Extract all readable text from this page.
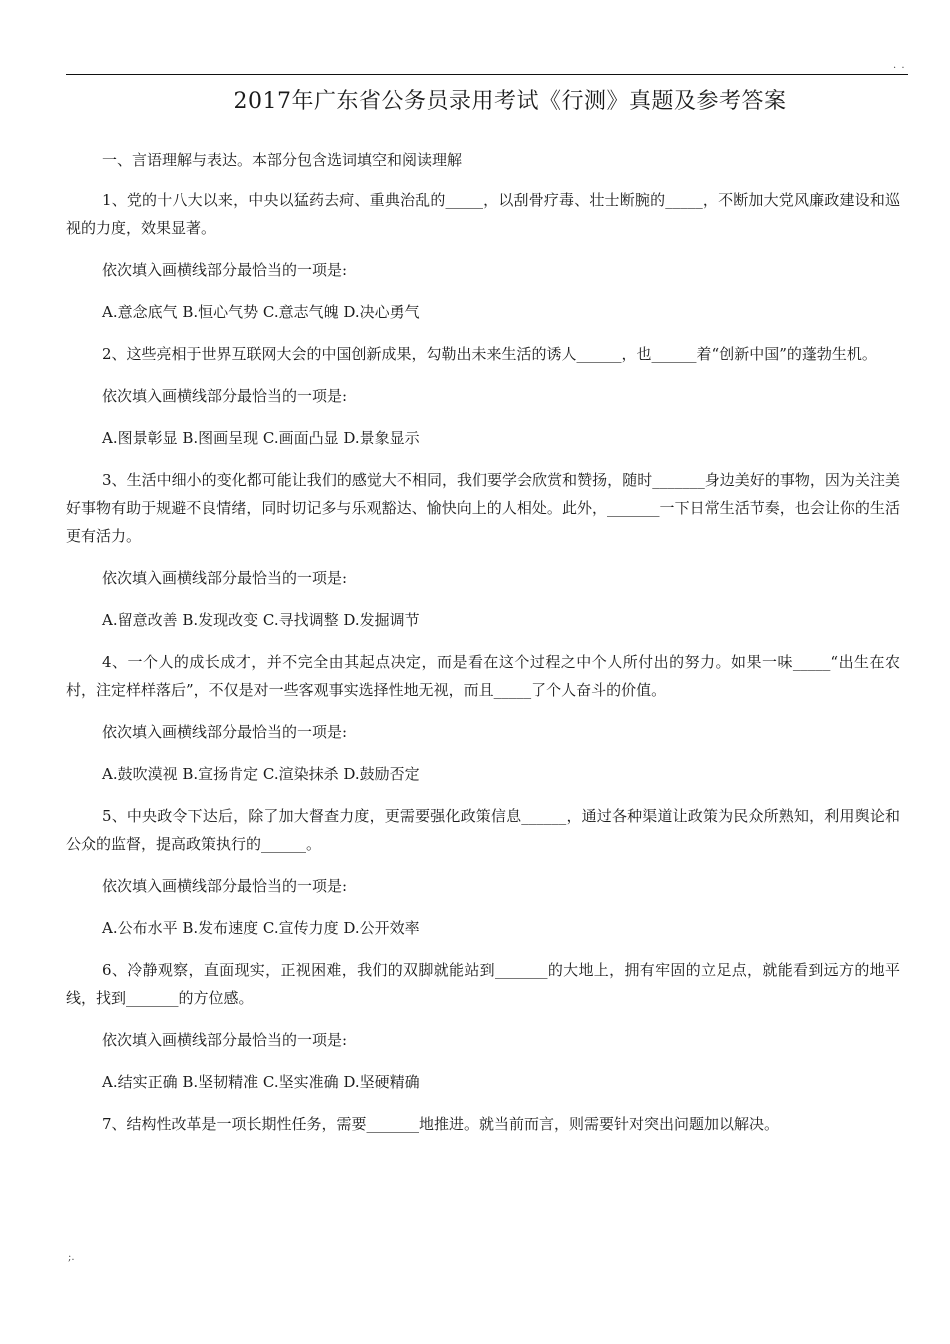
. .
2017年广东省公务员录用考试《行测》真题及参考答案

一、言语理解与表达。本部分包含选词填空和阅读理解

1、党的十八大以来，中央以猛药去疴、重典治乱的_____，以刮骨疗毒、壮士断腕的_____，不断加大党风廉政建设和巡视的力度，效果显著。

依次填入画横线部分最恰当的一项是:

A.意念底气 B.恒心气势 C.意志气魄 D.决心勇气

2、这些亮相于世界互联网大会的中国创新成果，勾勒出未来生活的诱人______，也______着“创新中国”的蓬勃生机。

依次填入画横线部分最恰当的一项是:

A.图景彰显 B.图画呈现 C.画面凸显 D.景象显示

3、生活中细小的变化都可能让我们的感觉大不相同，我们要学会欣赏和赞扬，随时_______身边美好的事物，因为关注美好事物有助于规避不良情绪，同时切记多与乐观豁达、愉快向上的人相处。此外，_______一下日常生活节奏，也会让你的生活更有活力。

依次填入画横线部分最恰当的一项是:

A.留意改善 B.发现改变 C.寻找调整 D.发掘调节

4、一个人的成长成才，并不完全由其起点决定，而是看在这个过程之中个人所付出的努力。如果一味_____“出生在农村，注定样样落后”，不仅是对一些客观事实选择性地无视，而且_____了个人奋斗的价值。

依次填入画横线部分最恰当的一项是:

A.鼓吹漠视 B.宣扬肯定 C.渲染抹杀 D.鼓励否定

5、中央政令下达后，除了加大督查力度，更需要强化政策信息______，通过各种渠道让政策为民众所熟知，利用舆论和公众的监督，提高政策执行的______。

依次填入画横线部分最恰当的一项是:

A.公布水平 B.发布速度 C.宣传力度 D.公开效率

6、冷静观察，直面现实，正视困难，我们的双脚就能站到_______的大地上，拥有牢固的立足点，就能看到远方的地平线，找到_______的方位感。

依次填入画横线部分最恰当的一项是:

A.结实正确 B.坚韧精准 C.坚实准确 D.坚硬精确

7、结构性改革是一项长期性任务，需要_______地推进。就当前而言，则需要针对突出问题加以解决。

;.
